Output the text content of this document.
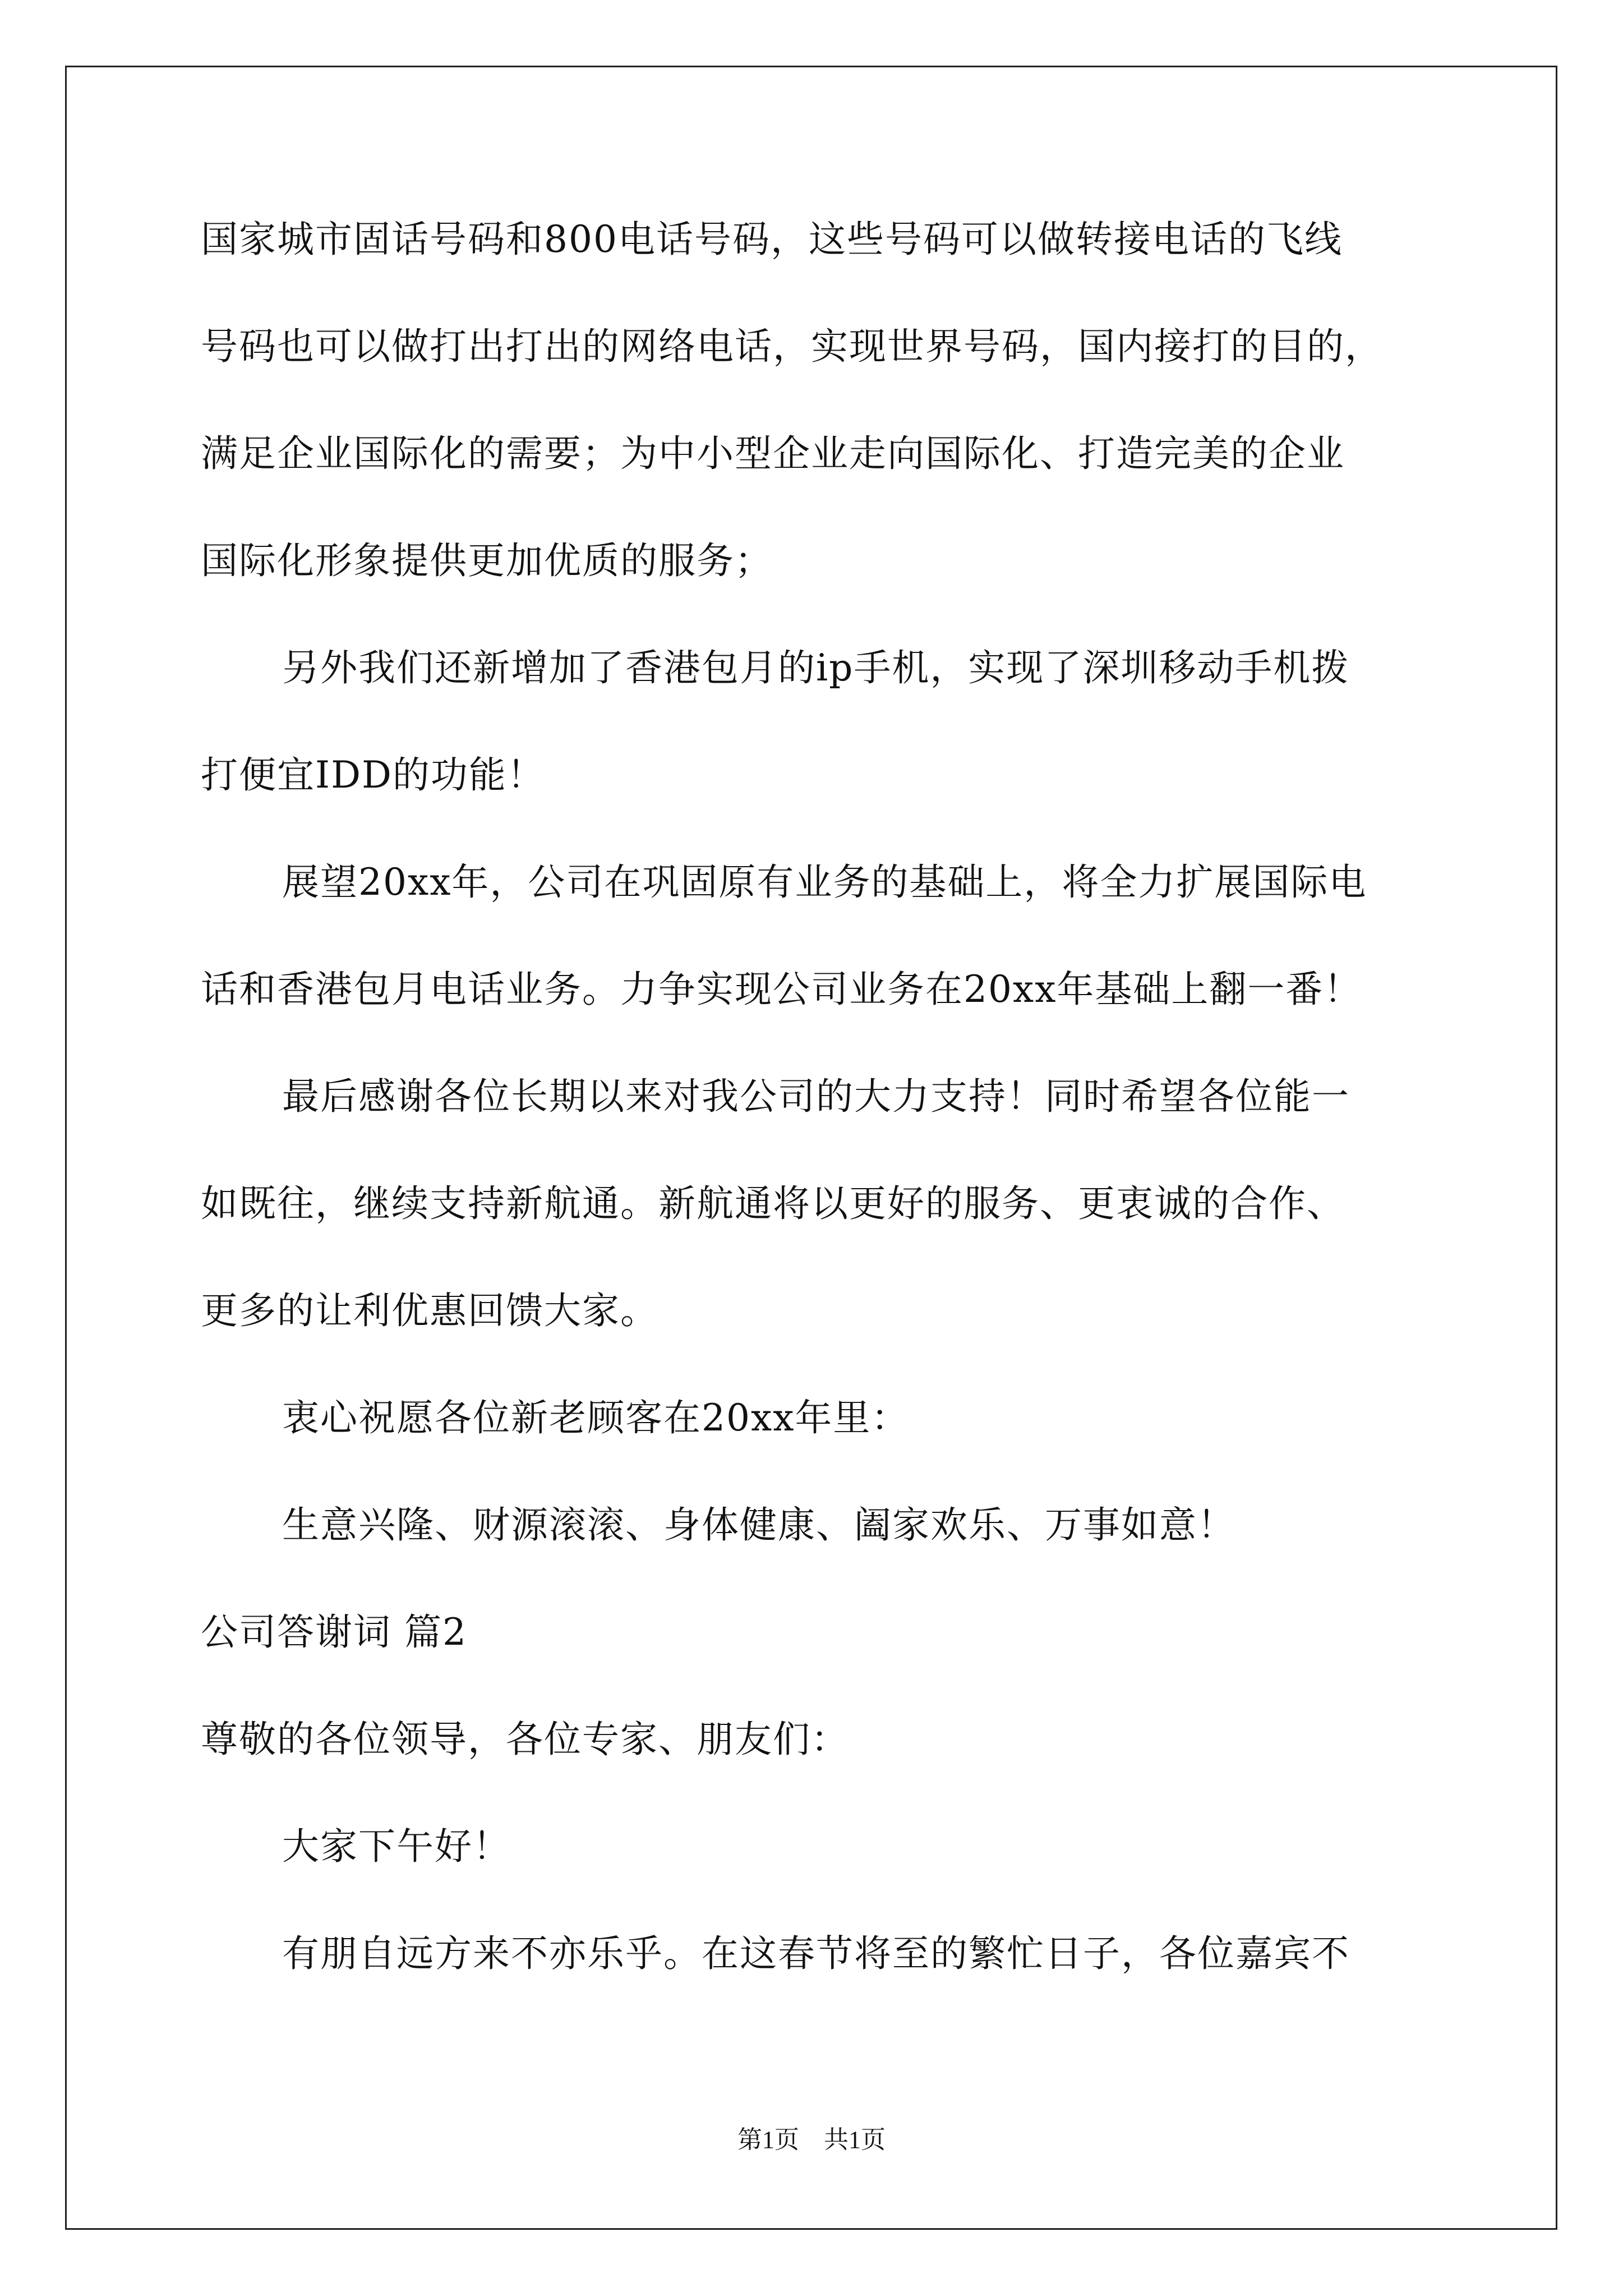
国家城市固话号码和800电话号码，这些号码可以做转接电话的飞线
号码也可以做打出打出的网络电话，实现世界号码，国内接打的目的，
满足企业国际化的需要；为中小型企业走向国际化、打造完美的企业
国际化形象提供更加优质的服务；
另外我们还新增加了香港包月的ip手机，实现了深圳移动手机拨
打便宜IDD的功能！
展望20xx年，公司在巩固原有业务的基础上，将全力扩展国际电
话和香港包月电话业务。力争实现公司业务在20xx年基础上翻一番！
最后感谢各位长期以来对我公司的大力支持！同时希望各位能一
如既往，继续支持新航通。新航通将以更好的服务、更衷诚的合作、
更多的让利优惠回馈大家。
衷心祝愿各位新老顾客在20xx年里：
生意兴隆、财源滚滚、身体健康、阖家欢乐、万事如意！
公司答谢词 篇2
尊敬的各位领导，各位专家、朋友们：
大家下午好！
有朋自远方来不亦乐乎。在这春节将至的繁忙日子，各位嘉宾不
第1页　共1页
